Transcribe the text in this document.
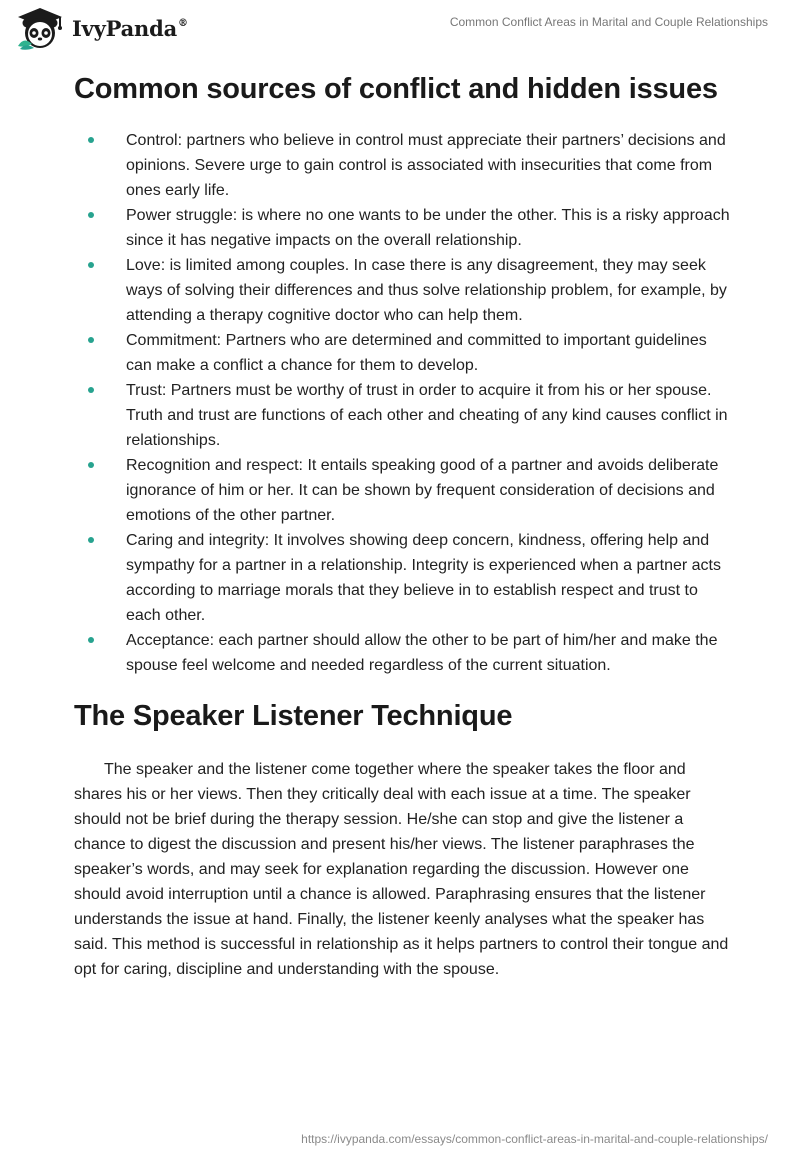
IvyPanda®	Common Conflict Areas in Marital and Couple Relationships
Common sources of conflict and hidden issues
Control: partners who believe in control must appreciate their partners’ decisions and opinions. Severe urge to gain control is associated with insecurities that come from ones early life.
Power struggle: is where no one wants to be under the other. This is a risky approach since it has negative impacts on the overall relationship.
Love: is limited among couples. In case there is any disagreement, they may seek ways of solving their differences and thus solve relationship problem, for example, by attending a therapy cognitive doctor who can help them.
Commitment: Partners who are determined and committed to important guidelines can make a conflict a chance for them to develop.
Trust: Partners must be worthy of trust in order to acquire it from his or her spouse. Truth and trust are functions of each other and cheating of any kind causes conflict in relationships.
Recognition and respect: It entails speaking good of a partner and avoids deliberate ignorance of him or her. It can be shown by frequent consideration of decisions and emotions of the other partner.
Caring and integrity: It involves showing deep concern, kindness, offering help and sympathy for a partner in a relationship. Integrity is experienced when a partner acts according to marriage morals that they believe in to establish respect and trust to each other.
Acceptance: each partner should allow the other to be part of him/her and make the spouse feel welcome and needed regardless of the current situation.
The Speaker Listener Technique

The speaker and the listener come together where the speaker takes the floor and shares his or her views. Then they critically deal with each issue at a time. The speaker should not be brief during the therapy session. He/she can stop and give the listener a chance to digest the discussion and present his/her views. The listener paraphrases the speaker’s words, and may seek for explanation regarding the discussion. However one should avoid interruption until a chance is allowed. Paraphrasing ensures that the listener understands the issue at hand. Finally, the listener keenly analyses what the speaker has said. This method is successful in relationship as it helps partners to control their tongue and opt for caring, discipline and understanding with the spouse.

https://ivypanda.com/essays/common-conflict-areas-in-marital-and-couple-relationships/
